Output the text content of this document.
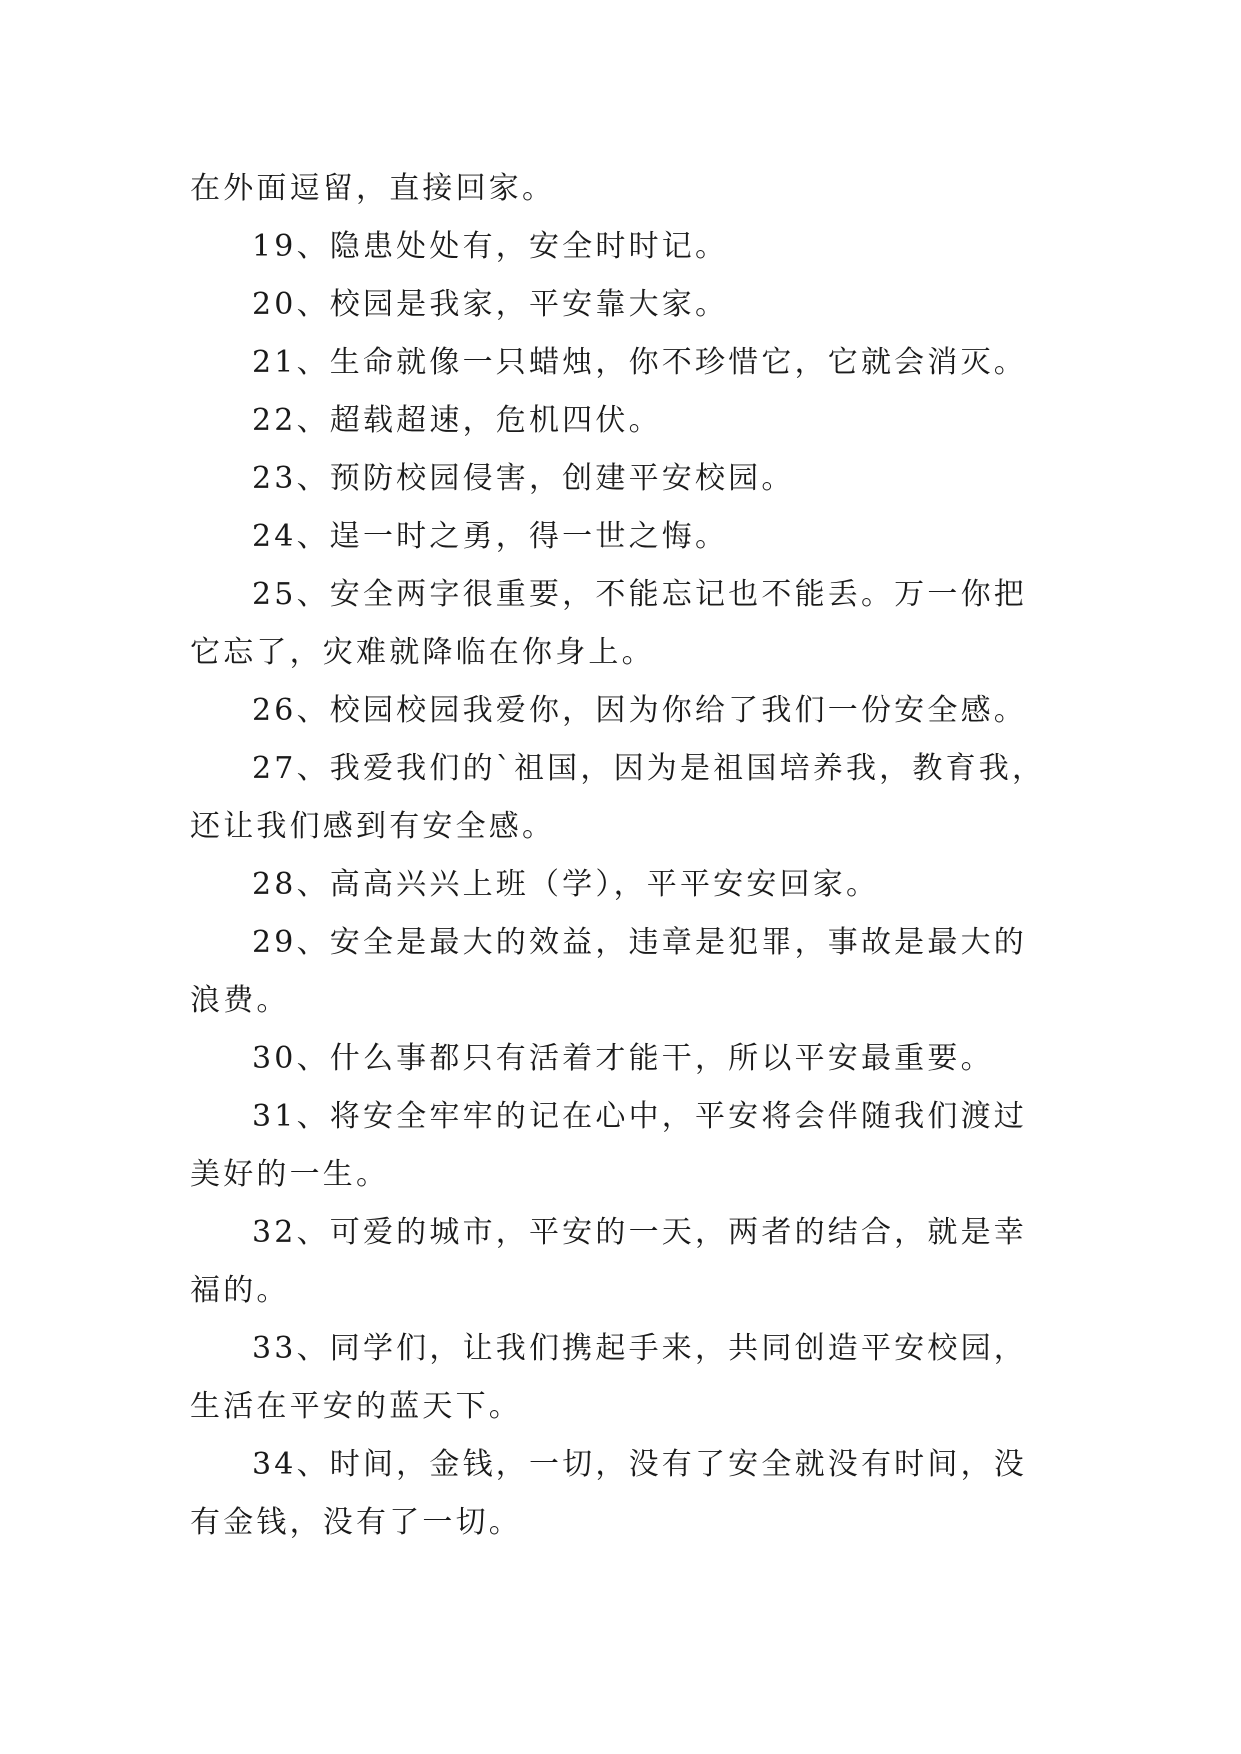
在外面逗留，直接回家。

19、隐患处处有，安全时时记。

20、校园是我家，平安靠大家。

21、生命就像一只蜡烛，你不珍惜它，它就会消灭。

22、超载超速，危机四伏。

23、预防校园侵害，创建平安校园。

24、逞一时之勇，得一世之悔。

25、安全两字很重要，不能忘记也不能丢。万一你把它忘了，灾难就降临在你身上。

26、校园校园我爱你，因为你给了我们一份安全感。

27、我爱我们的`祖国，因为是祖国培养我，教育我，还让我们感到有安全感。

28、高高兴兴上班（学），平平安安回家。

29、安全是最大的效益，违章是犯罪，事故是最大的浪费。

30、什么事都只有活着才能干，所以平安最重要。

31、将安全牢牢的记在心中，平安将会伴随我们渡过美好的一生。

32、可爱的城市，平安的一天，两者的结合，就是幸福的。

33、同学们，让我们携起手来，共同创造平安校园，生活在平安的蓝天下。

34、时间，金钱，一切，没有了安全就没有时间，没有金钱，没有了一切。
